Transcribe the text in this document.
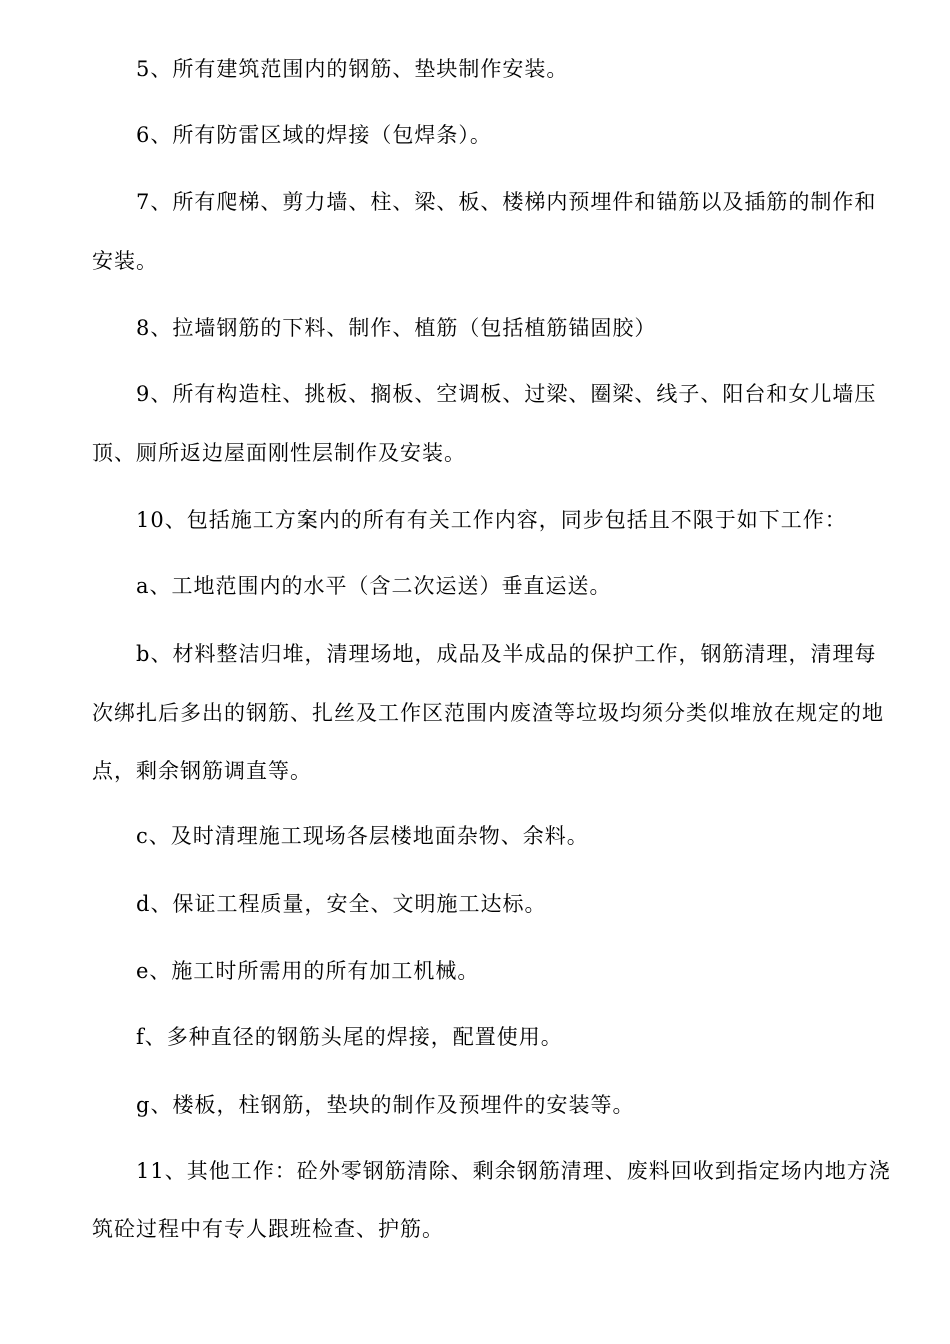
5、所有建筑范围内的钢筋、垫块制作安装。
6、所有防雷区域的焊接（包焊条）。
7、所有爬梯、剪力墙、柱、梁、板、楼梯内预埋件和锚筋以及插筋的制作和
安装。
8、拉墙钢筋的下料、制作、植筋（包括植筋锚固胶）
9、所有构造柱、挑板、搁板、空调板、过梁、圈梁、线子、阳台和女儿墙压
顶、厕所返边屋面刚性层制作及安装。
10、包括施工方案内的所有有关工作内容，同步包括且不限于如下工作：
a、工地范围内的水平（含二次运送）垂直运送。
b、材料整洁归堆，清理场地，成品及半成品的保护工作，钢筋清理，清理每
次绑扎后多出的钢筋、扎丝及工作区范围内废渣等垃圾均须分类似堆放在规定的地
点，剩余钢筋调直等。
c、及时清理施工现场各层楼地面杂物、余料。
d、保证工程质量，安全、文明施工达标。
e、施工时所需用的所有加工机械。
f、多种直径的钢筋头尾的焊接，配置使用。
g、楼板，柱钢筋，垫块的制作及预埋件的安装等。
11、其他工作：砼外零钢筋清除、剩余钢筋清理、废料回收到指定场内地方浇
筑砼过程中有专人跟班检查、护筋。
